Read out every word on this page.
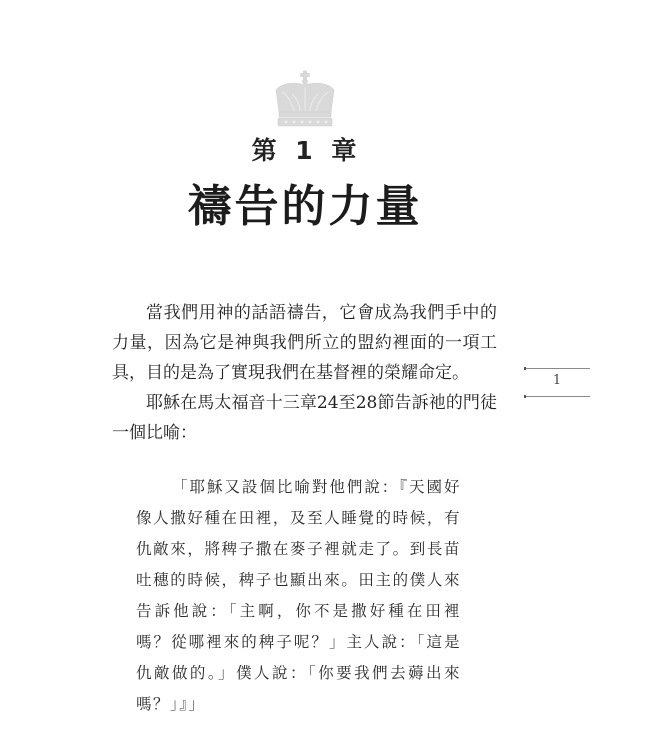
第 1 章
禱告的力量

當我們用神的話語禱告，它會成為我們手中的力量，因為它是神與我們所立的盟約裡面的一項工具，目的是為了實現我們在基督裡的榮耀命定。

耶穌在馬太福音十三章24至28節告訴祂的門徒一個比喻：

「耶穌又設個比喻對他們說：『天國好像人撒好種在田裡，及至人睡覺的時候，有仇敵來，將稗子撒在麥子裡就走了。到長苗吐穗的時候，稗子也顯出來。田主的僕人來告訴他說：「主啊，你不是撒好種在田裡嗎？從哪裡來的稗子呢？」主人說：「這是仇敵做的。」僕人說：「你要我們去薅出來嗎？」』」

1
